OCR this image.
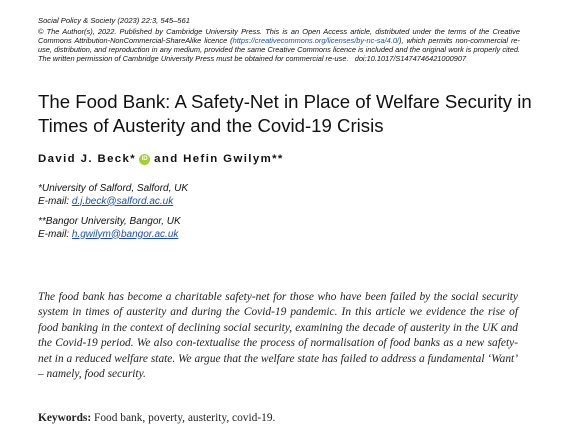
Social Policy & Society (2023) 22:3, 545–561
© The Author(s), 2022. Published by Cambridge University Press. This is an Open Access article, distributed under the terms of the Creative Commons Attribution-NonCommercial-ShareAlike licence (https://creativecommons.org/licenses/by-nc-sa/4.0/), which permits non-commercial re-use, distribution, and reproduction in any medium, provided the same Creative Commons licence is included and the original work is properly cited. The written permission of Cambridge University Press must be obtained for commercial re-use. doi:10.1017/S1474746421000907
The Food Bank: A Safety-Net in Place of Welfare Security in Times of Austerity and the Covid-19 Crisis
David J. Beck* iD and Hefin Gwilym**
*University of Salford, Salford, UK
E-mail: d.j.beck@salford.ac.uk
**Bangor University, Bangor, UK
E-mail: h.gwilym@bangor.ac.uk

The food bank has become a charitable safety-net for those who have been failed by the social security system in times of austerity and during the Covid-19 pandemic. In this article we evidence the rise of food banking in the context of declining social security, examining the decade of austerity in the UK and the Covid-19 period. We also con-textualise the process of normalisation of food banks as a new safety-net in a reduced welfare state. We argue that the welfare state has failed to address a fundamental ‘Want’ – namely, food security.

Keywords: Food bank, poverty, austerity, covid-19.
